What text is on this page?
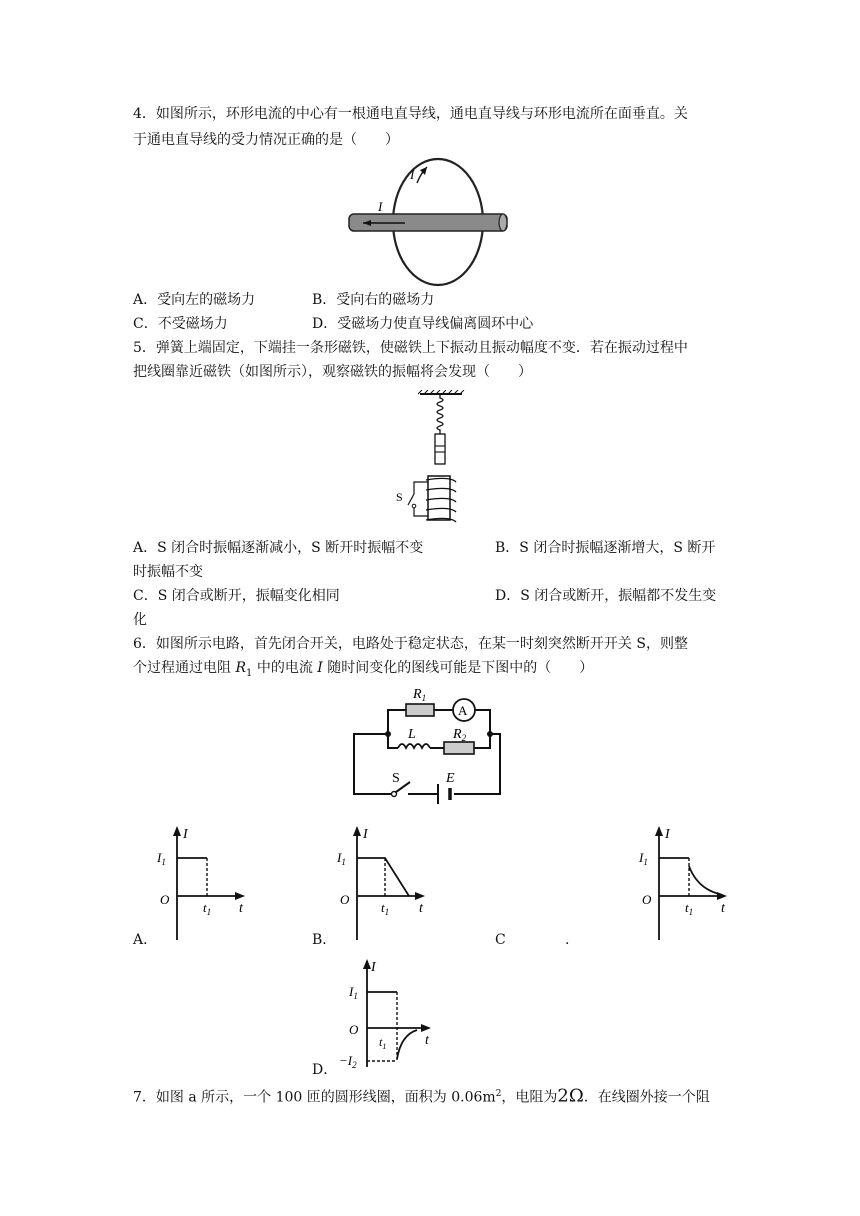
4．如图所示，环形电流的中心有一根通电直导线，通电直导线与环形电流所在面垂直。关
于通电直导线的受力情况正确的是（　　）
I
I
A．受向左的磁场力	B．受向右的磁场力
C．不受磁场力	D．受磁场力使直导线偏离圆环中心
5．弹簧上端固定，下端挂一条形磁铁，使磁铁上下振动且振动幅度不变．若在振动过程中
把线圈靠近磁铁（如图所示），观察磁铁的振幅将会发现（　　）
S
A．S 闭合时振幅逐渐减小，S 断开时振幅不变	B．S 闭合时振幅逐渐增大，S 断开
时振幅不变
C．S 闭合或断开，振幅变化相同	D．S 闭合或断开，振幅都不发生变
化
6．如图所示电路，首先闭合开关，电路处于稳定状态，在某一时刻突然断开开关 S，则整
个过程通过电阻 $R_1$ 中的电流 I 随时间变化的图线可能是下图中的（　　）
A
$R_1$
L	$R_2$
S	E
I
$I_1$
O
$t_1$ t
I
$I_1$
O
$t_1$ t
I
$I_1$
O
$t_1$ t
A．	B．	C	.
I
$I_1$
O
$t_1$	t
$-I_2$
D．
7．如图 a 所示，一个 100 匝的圆形线圈，面积为 $0.06m^2$，电阻为2Ω．在线圈外接一个阻
